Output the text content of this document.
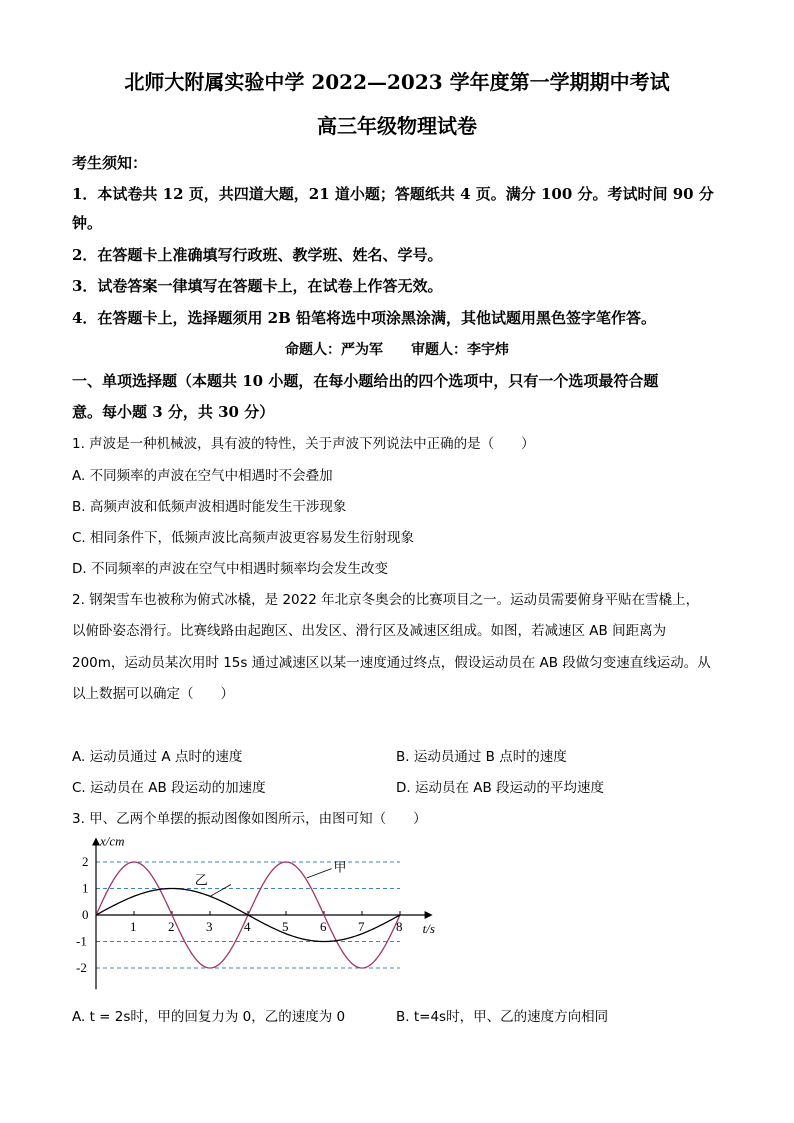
北师大附属实验中学 2022—2023 学年度第一学期期中考试
高三年级物理试卷
考生须知：
1．本试卷共 12 页，共四道大题，21 道小题；答题纸共 4 页。满分 100 分。考试时间 90 分
钟。
2．在答题卡上准确填写行政班、教学班、姓名、学号。
3．试卷答案一律填写在答题卡上，在试卷上作答无效。
4．在答题卡上，选择题须用 2B 铅笔将选中项涂黑涂满，其他试题用黑色签字笔作答。
命题人：严为军　　审题人：李宇炜
一、单项选择题（本题共 10 小题，在每小题给出的四个选项中，只有一个选项最符合题
意。每小题 3 分，共 30 分）
1. 声波是一种机械波，具有波的特性，关于声波下列说法中正确的是（　　）
A. 不同频率的声波在空气中相遇时不会叠加
B. 高频声波和低频声波相遇时能发生干涉现象
C. 相同条件下，低频声波比高频声波更容易发生衍射现象
D. 不同频率的声波在空气中相遇时频率均会发生改变
2. 钢架雪车也被称为俯式冰橇，是 2022 年北京冬奥会的比赛项目之一。运动员需要俯身平贴在雪橇上，
以俯卧姿态滑行。比赛线路由起跑区、出发区、滑行区及减速区组成。如图，若减速区 AB 间距离为
200m，运动员某次用时 15s 通过减速区以某一速度通过终点，假设运动员在 AB 段做匀变速直线运动。从
以上数据可以确定（　　）
A. 运动员通过 A 点时的速度	B. 运动员通过 B 点时的速度
C. 运动员在 AB 段运动的加速度	D. 运动员在 AB 段运动的平均速度
3. 甲、乙两个单摆的振动图像如图所示，由图可知（　　）
1 2 3 4 5 6 7 8
2
1
0
-1
-2
x/cm
t/s
甲
乙
A. t = 2s时，甲的回复力为 0，乙的速度为 0	B. t=4s时，甲、乙的速度方向相同
